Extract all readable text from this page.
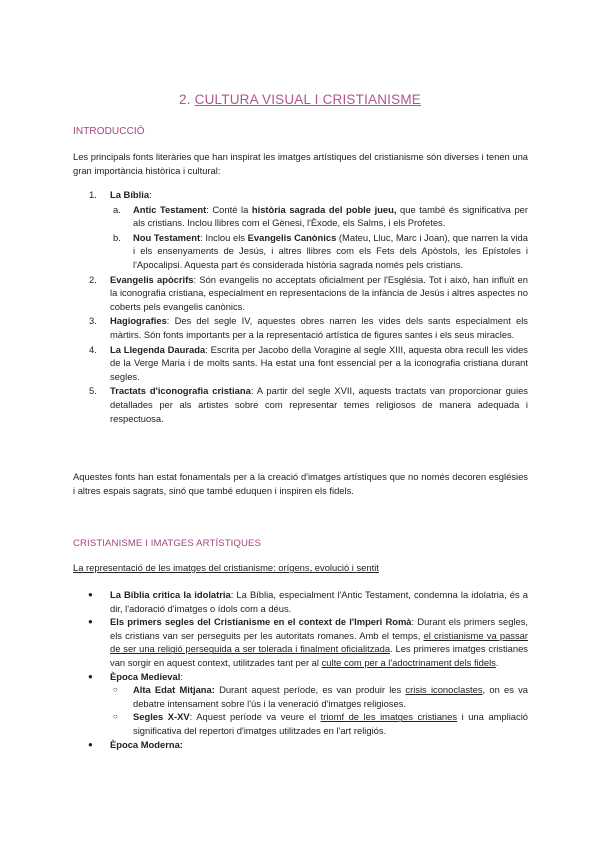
2. CULTURA VISUAL I CRISTIANISME
INTRODUCCIÓ
Les principals fonts literàries que han inspirat les imatges artístiques del cristianisme són diverses i tenen una gran importància històrica i cultural:
1. La Bíblia:
a. Antic Testament: Conté la història sagrada del poble jueu, que també és significativa per als cristians. Inclou llibres com el Gènesi, l'Èxode, els Salms, i els Profetes.
b. Nou Testament: Inclou els Evangelis Canònics (Mateu, Lluc, Marc i Joan), que narren la vida i els ensenyaments de Jesús, i altres llibres com els Fets dels Apòstols, les Epístoles i l'Apocalipsi. Aquesta part és considerada història sagrada només pels cristians.
2. Evangelis apòcrifs: Són evangelis no acceptats oficialment per l'Església. Tot i això, han influït en la iconografia cristiana, especialment en representacions de la infància de Jesús i altres aspectes no coberts pels evangelis canònics.
3. Hagiografies: Des del segle IV, aquestes obres narren les vides dels sants especialment els màrtirs. Són fonts importants per a la representació artística de figures santes i els seus miracles.
4. La Llegenda Daurada: Escrita per Jacobo della Voragine al segle XIII, aquesta obra recull les vides de la Verge Maria i de molts sants. Ha estat una font essencial per a la iconografia cristiana durant segles.
5. Tractats d'iconografia cristiana: A partir del segle XVII, aquests tractats van proporcionar guies detallades per als artistes sobre com representar temes religiosos de manera adequada i respectuosa.
Aquestes fonts han estat fonamentals per a la creació d'imatges artístiques que no només decoren esglésies i altres espais sagrats, sinó que també eduquen i inspiren els fidels.
CRISTIANISME I IMATGES ARTÍSTIQUES
La representació de les imatges del cristianisme: orígens, evolució i sentit
● La Bíblia critica la idolatria: La Bíblia, especialment l'Antic Testament, condemna la idolatria, és a dir, l'adoració d'imatges o ídols com a déus.
● Els primers segles del Cristianisme en el context de l'Imperi Romà: Durant els primers segles, els cristians van ser perseguits per les autoritats romanes. Amb el temps, el cristianisme va passar de ser una religió perseguida a ser tolerada i finalment oficialitzada. Les primeres imatges cristianes van sorgir en aquest context, utilitzades tant per al culte com per a l'adoctrinament dels fidels.
● Època Medieval:
○ Alta Edat Mitjana: Durant aquest període, es van produir les crisis iconoclastes, on es va debatre intensament sobre l'ús i la veneració d'imatges religioses.
○ Segles X-XV: Aquest període va veure el triomf de les imatges cristianes i una ampliació significativa del repertori d'imatges utilitzades en l'art religiós.
● Època Moderna:
